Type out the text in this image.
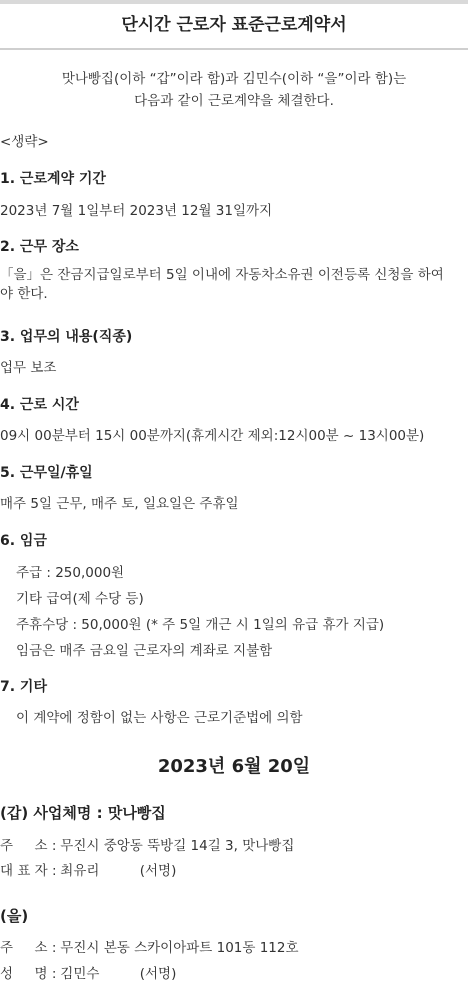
단시간 근로자 표준근로계약서
맛나빵집(이하 “갑”이라 함)과 김민수(이하 “을”이라 함)는
다음과 같이 근로계약을 체결한다.
<생략>
1. 근로계약 기간
2023년 7월 1일부터 2023년 12월 31일까지
2. 근무 장소
「을」은 잔금지급일로부터 5일 이내에 자동차소유권 이전등록 신청을 하여야 한다.
3. 업무의 내용(직종)
업무 보조
4. 근로 시간
09시 00분부터 15시 00분까지(휴게시간 제외:12시00분 ~ 13시00분)
5. 근무일/휴일
매주 5일 근무, 매주 토, 일요일은 주휴일
6. 임금
주급 : 250,000원
기타 급여(제 수당 등)
주휴수당 : 50,000원 (* 주 5일 개근 시 1일의 유급 휴가 지급)
임금은 매주 금요일 근로자의 계좌로 지불함
7. 기타
이 계약에 정함이 없는 사항은 근로기준법에 의함
2023년 6월 20일
(갑) 사업체명 : 맛나빵집
주     소 : 무진시 중앙동 뚝방길 14길 3, 맛나빵집
대 표 자 : 최유리	(서명)
(을)
주     소 : 무진시 본동 스카이아파트 101동 112호
성     명 : 김민수	(서명)
